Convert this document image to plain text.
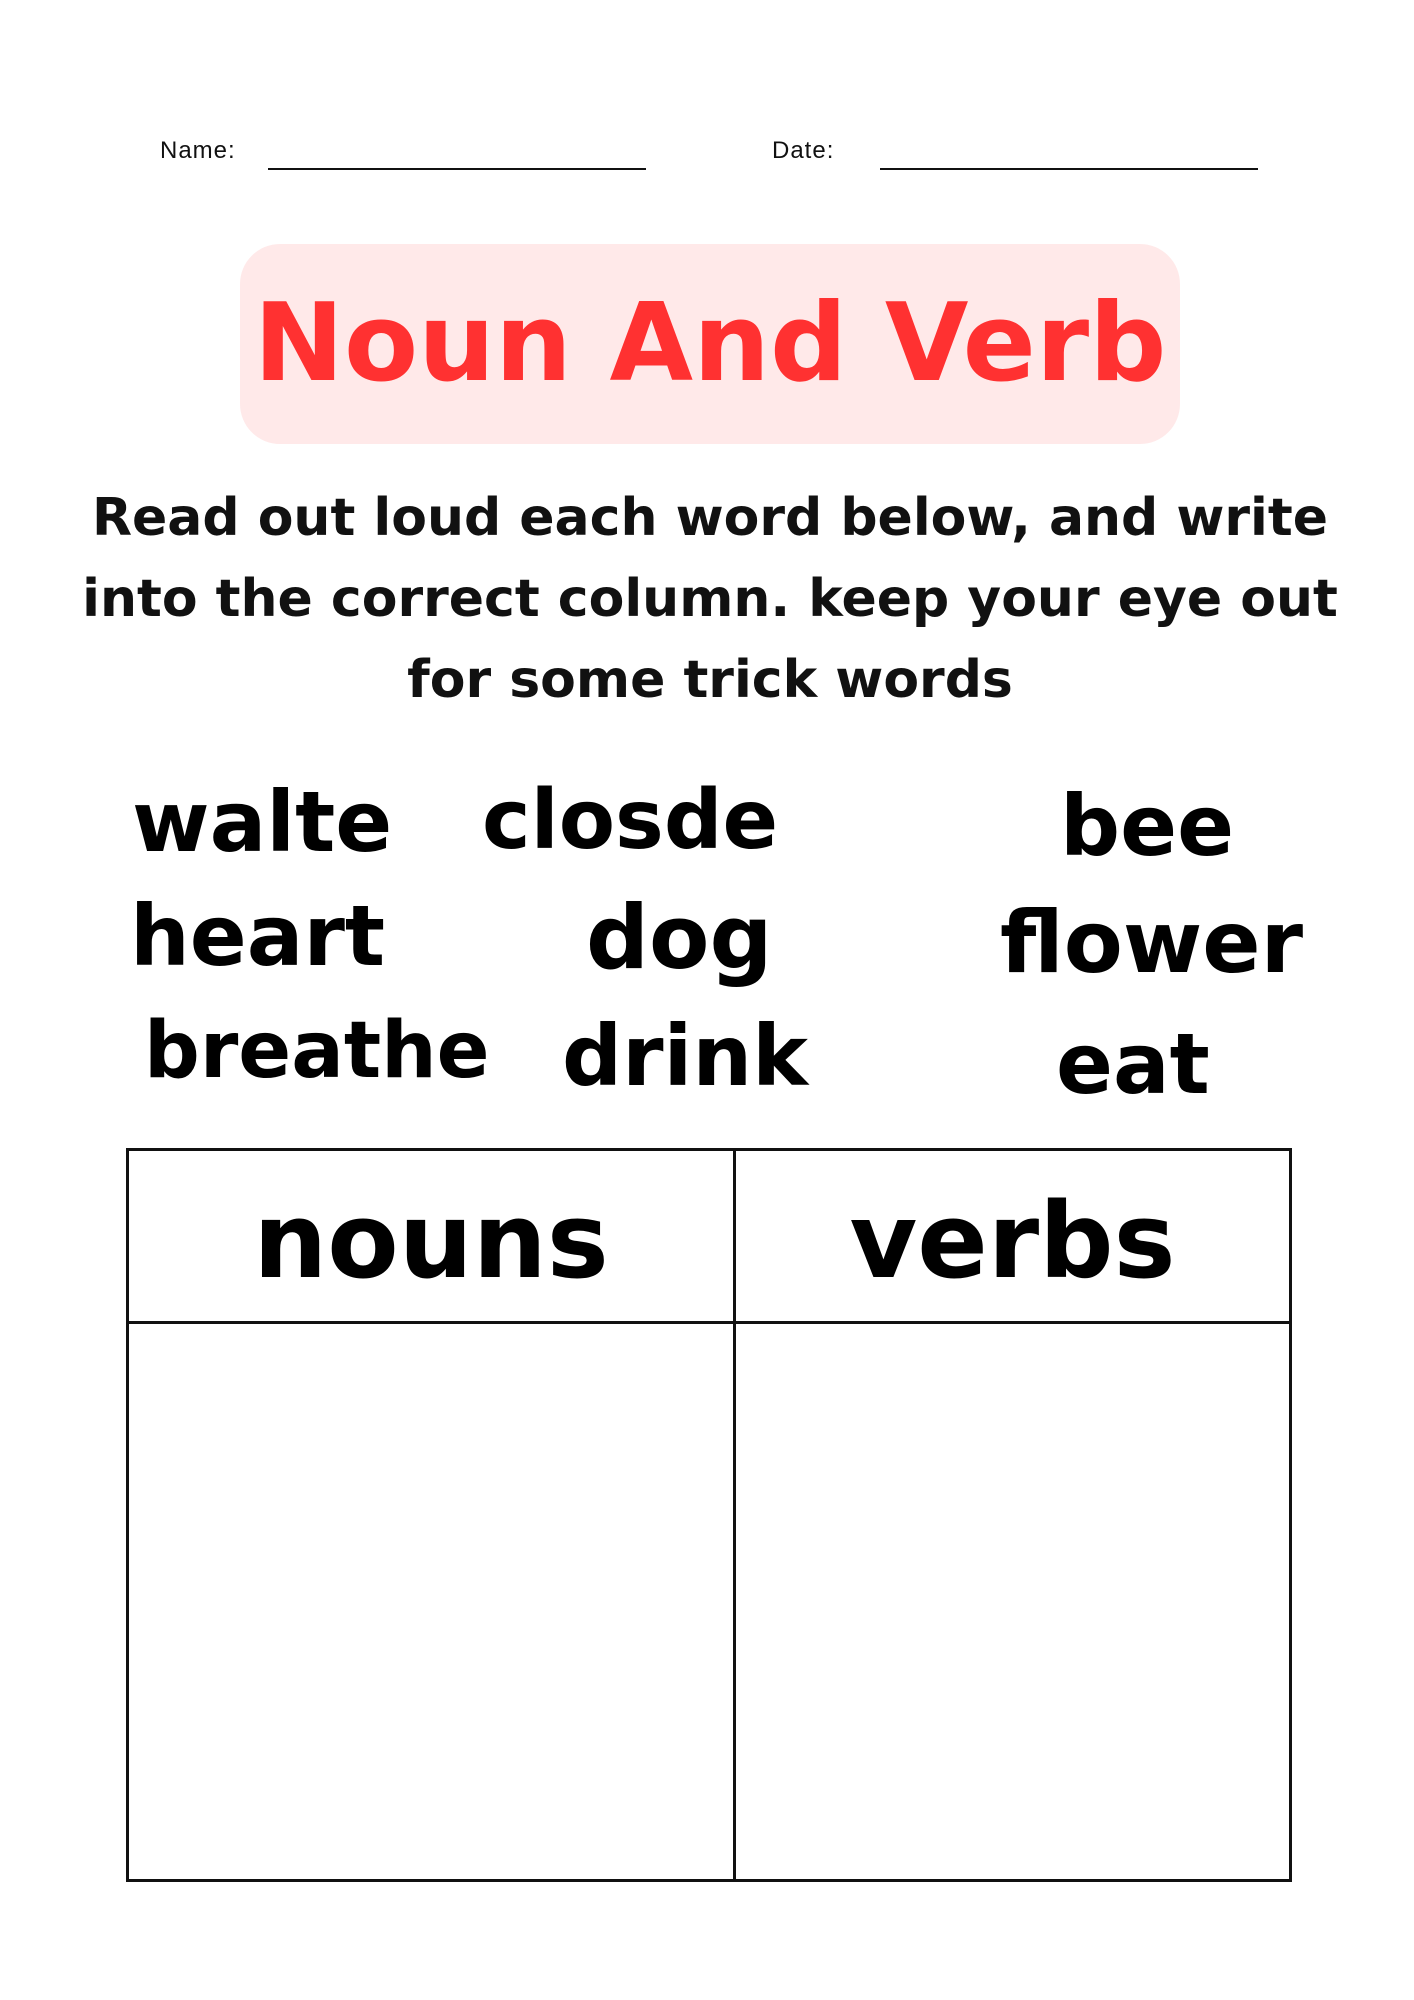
Name:	Date:
Noun And Verb
Read out loud each word below, and write into the correct column. keep your eye out for some trick words
walte
heart
breathe
closde
dog
drink
bee
flower
eat
nouns	verbs
